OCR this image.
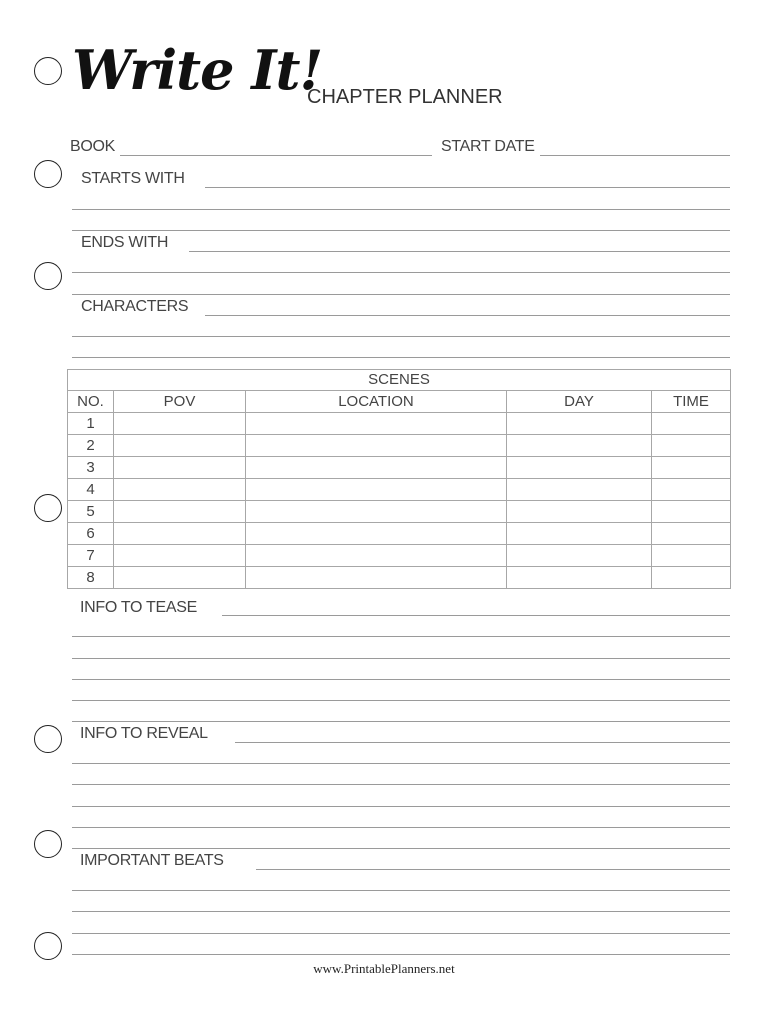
Write It!
CHAPTER PLANNER
BOOK	START DATE
STARTS WITH
ENDS WITH
CHARACTERS
SCENES				
NO.	POV	LOCATION	DAY	TIME
1				
2				
3				
4				
5				
6				
7				
8				
INFO TO TEASE
INFO TO REVEAL
IMPORTANT BEATS
www.PrintablePlanners.net
